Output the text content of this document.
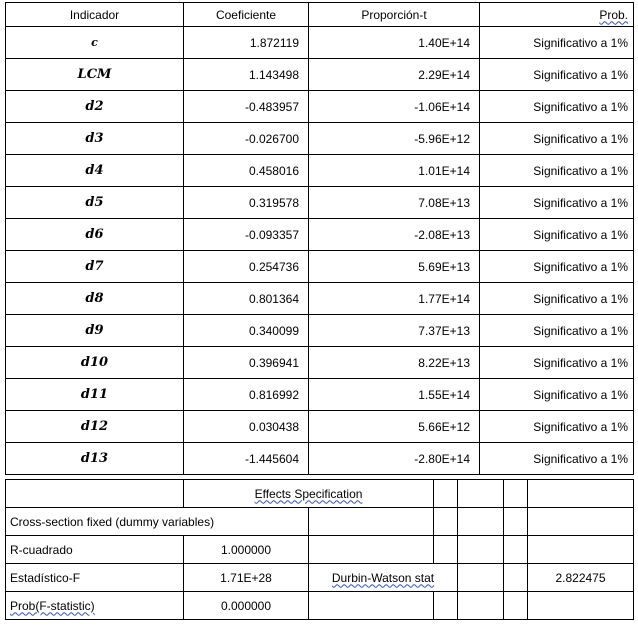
Indicador	Coeficiente	Proporción-t	Prob.
c	1.872119	1.40E+14	Significativo a 1%
LCM	1.143498	2.29E+14	Significativo a 1%
d2	-0.483957	-1.06E+14	Significativo a 1%
d3	-0.026700	-5.96E+12	Significativo a 1%
d4	0.458016	1.01E+14	Significativo a 1%
d5	0.319578	7.08E+13	Significativo a 1%
d6	-0.093357	-2.08E+13	Significativo a 1%
d7	0.254736	5.69E+13	Significativo a 1%
d8	0.801364	1.77E+14	Significativo a 1%
d9	0.340099	7.37E+13	Significativo a 1%
d10	0.396941	8.22E+13	Significativo a 1%
d11	0.816992	1.55E+14	Significativo a 1%
d12	0.030438	5.66E+12	Significativo a 1%
d13	-1.445604	-2.80E+14	Significativo a 1%
	Effects Specification					
Cross-section fixed (dummy variables)						
R-cuadrado	1.000000					
Estadístico-F	1.71E+28	Durbin-Watson stat				2.822475
Prob(F-statistic)	0.000000					
